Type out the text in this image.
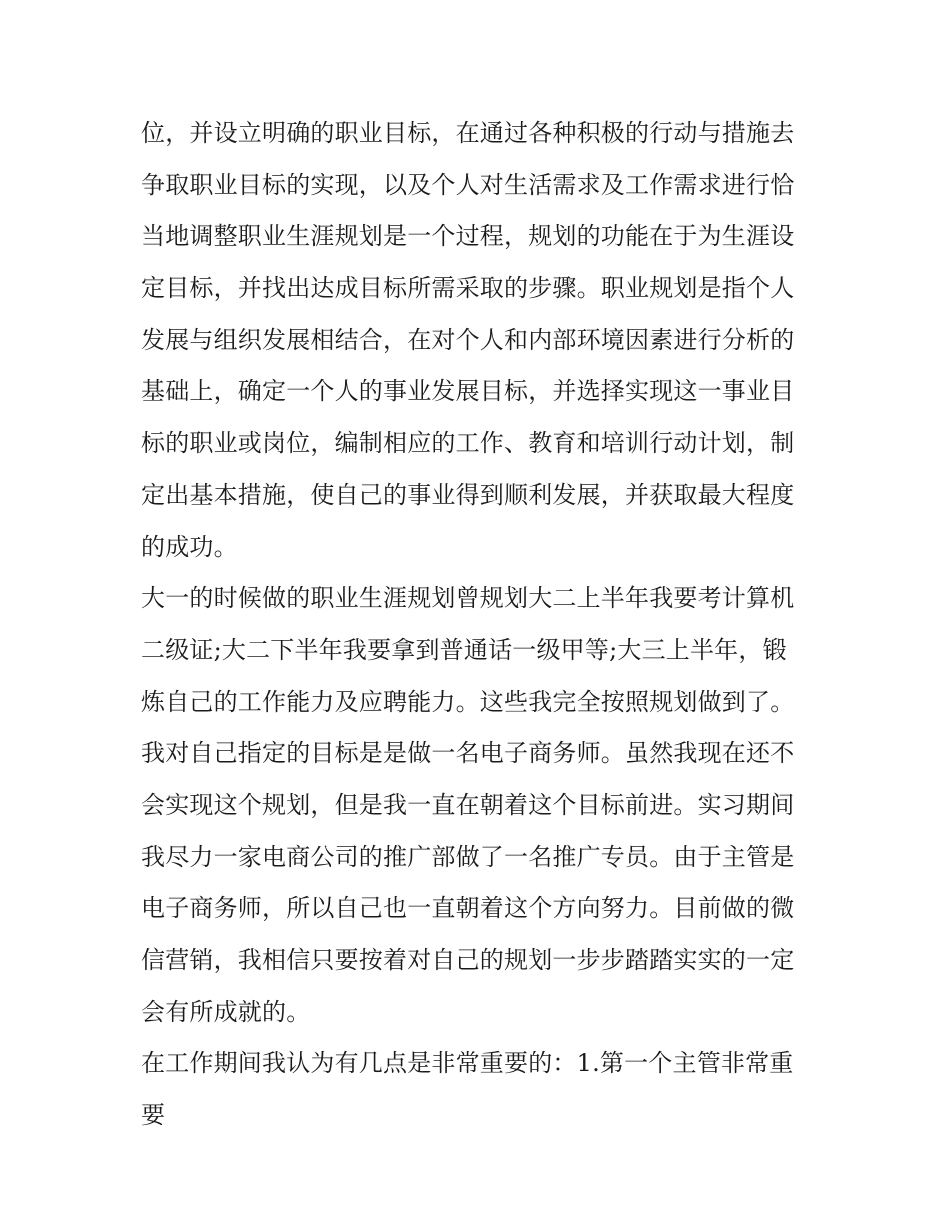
位，并设立明确的职业目标，在通过各种积极的行动与措施去
争取职业目标的实现，以及个人对生活需求及工作需求进行恰
当地调整职业生涯规划是一个过程，规划的功能在于为生涯设
定目标，并找出达成目标所需采取的步骤。职业规划是指个人
发展与组织发展相结合，在对个人和内部环境因素进行分析的
基础上，确定一个人的事业发展目标，并选择实现这一事业目
标的职业或岗位，编制相应的工作、教育和培训行动计划，制
定出基本措施，使自己的事业得到顺利发展，并获取最大程度
的成功。
大一的时候做的职业生涯规划曾规划大二上半年我要考计算机
二级证;大二下半年我要拿到普通话一级甲等;大三上半年，锻
炼自己的工作能力及应聘能力。这些我完全按照规划做到了。
我对自己指定的目标是是做一名电子商务师。虽然我现在还不
会实现这个规划，但是我一直在朝着这个目标前进。实习期间
我尽力一家电商公司的推广部做了一名推广专员。由于主管是
电子商务师，所以自己也一直朝着这个方向努力。目前做的微
信营销，我相信只要按着对自己的规划一步步踏踏实实的一定
会有所成就的。
在工作期间我认为有几点是非常重要的：1.第一个主管非常重
要
